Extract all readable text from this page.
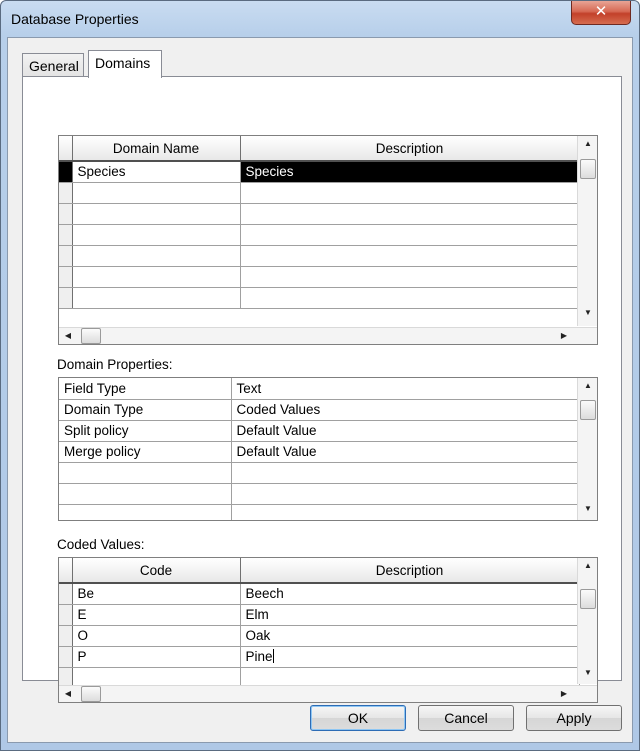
Database Properties	✕
General	Domains
	Domain Name	Description
	Species	Species

▲
▼
◀	▶
Domain Properties:
Field Type	Text
Domain Type	Coded Values
Split policy	Default Value
Merge policy	Default Value

▲
▼
Coded Values:
	Code	Description
	Be	Beech
	E	Elm
	O	Oak
	P	Pine

▲
▼
◀	▶
OK	Cancel	Apply
